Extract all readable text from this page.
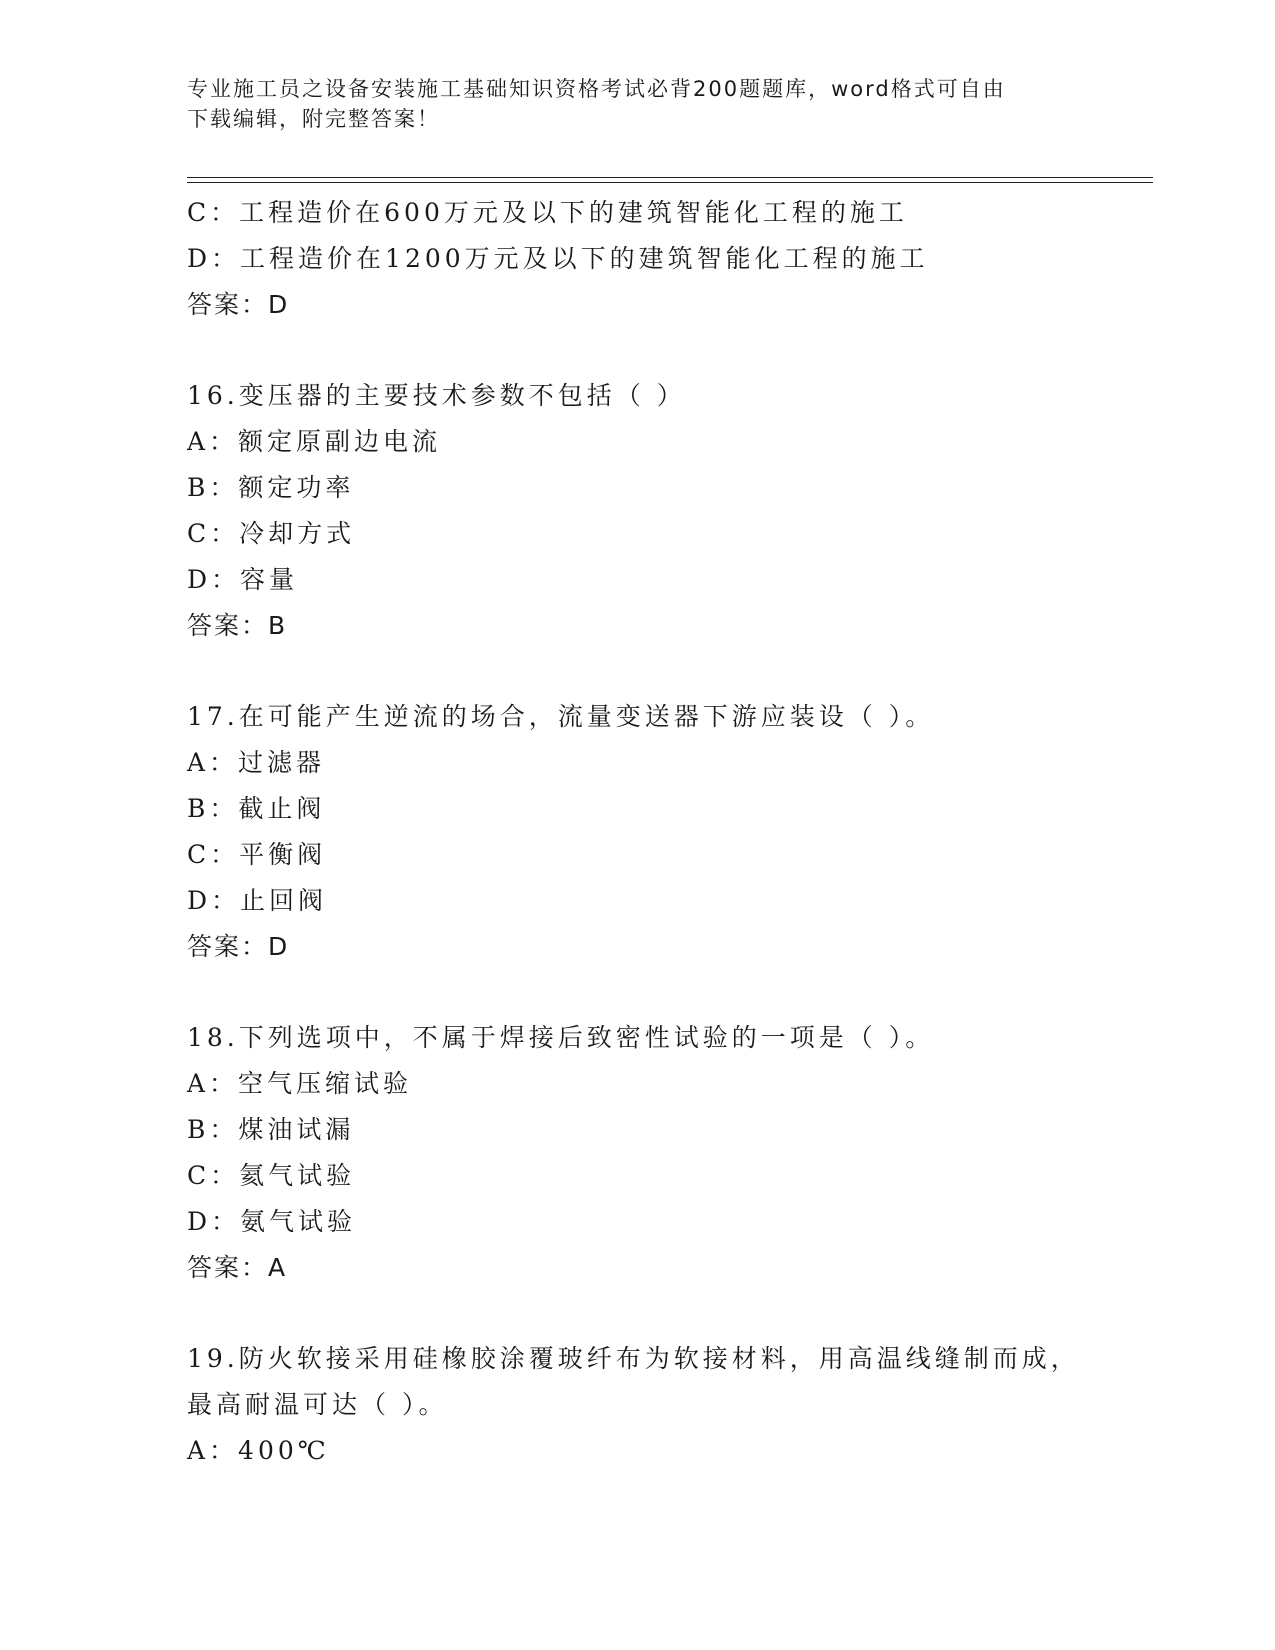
专业施工员之设备安装施工基础知识资格考试必背200题题库，word格式可自由
下载编辑，附完整答案！
C：工程造价在600万元及以下的建筑智能化工程的施工
D：工程造价在1200万元及以下的建筑智能化工程的施工
答案：D
16.变压器的主要技术参数不包括（ ）
A：额定原副边电流
B：额定功率
C：冷却方式
D：容量
答案：B
17.在可能产生逆流的场合，流量变送器下游应装设（ ）。
A：过滤器
B：截止阀
C：平衡阀
D：止回阀
答案：D
18.下列选项中，不属于焊接后致密性试验的一项是（ ）。
A：空气压缩试验
B：煤油试漏
C：氦气试验
D：氨气试验
答案：A
19.防火软接采用硅橡胶涂覆玻纤布为软接材料，用高温线缝制而成，
最高耐温可达（ ）。
A：400℃
